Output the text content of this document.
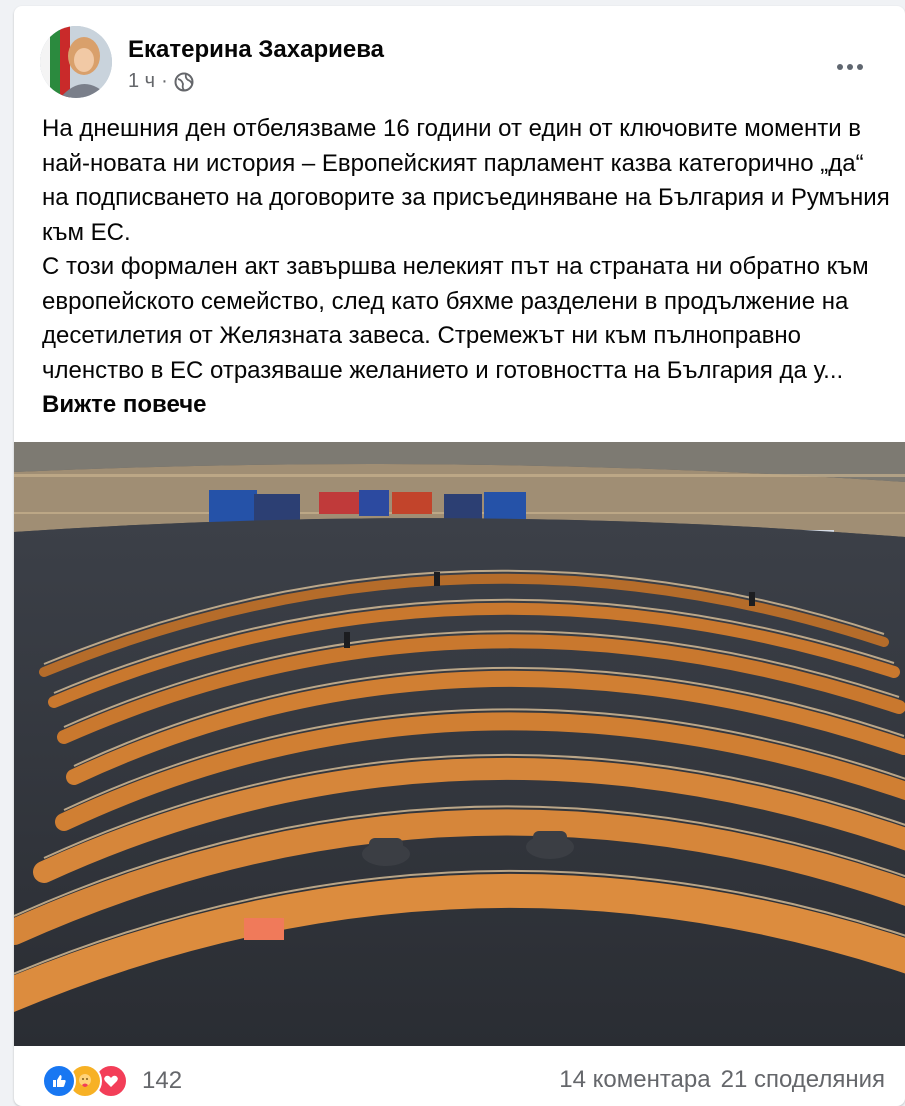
Екатерина Захариева
1 ч ·

На днешния ден отбелязваме 16 години от един от ключовите моменти в най-новата ни история – Европейският парламент казва категорично „да“ на подписването на договорите за присъединяване на България и Румъния към ЕС.

С този формален акт завършва нелекият път на страната ни обратно към европейското семейство, след като бяхме разделени в продължение на десетилетия от Желязната завеса. Стремежът ни към пълноправно членство в ЕС отразяваше желанието и готовността на България да у... Вижте повече

142	14 коментара 21 споделяния
